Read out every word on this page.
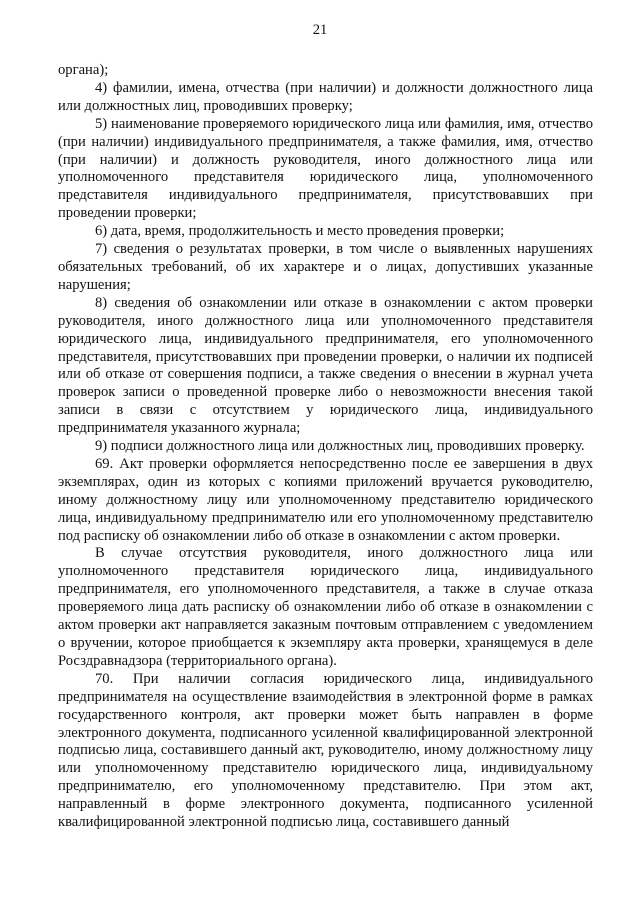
21

органа);

4) фамилии, имена, отчества (при наличии) и должности должностного лица или должностных лиц, проводивших проверку;

5) наименование проверяемого юридического лица или фамилия, имя, отчество (при наличии) индивидуального предпринимателя, а также фамилия, имя, отчество (при наличии) и должность руководителя, иного должностного лица или уполномоченного представителя юридического лица, уполномоченного представителя индивидуального предпринимателя, присутствовавших при проведении проверки;

6) дата, время, продолжительность и место проведения проверки;

7) сведения о результатах проверки, в том числе о выявленных нарушениях обязательных требований, об их характере и о лицах, допустивших указанные нарушения;

8) сведения об ознакомлении или отказе в ознакомлении с актом проверки руководителя, иного должностного лица или уполномоченного представителя юридического лица, индивидуального предпринимателя, его уполномоченного представителя, присутствовавших при проведении проверки, о наличии их подписей или об отказе от совершения подписи, а также сведения о внесении в журнал учета проверок записи о проведенной проверке либо о невозможности внесения такой записи в связи с отсутствием у юридического лица, индивидуального предпринимателя указанного журнала;

9) подписи должностного лица или должностных лиц, проводивших проверку.

69. Акт проверки оформляется непосредственно после ее завершения в двух экземплярах, один из которых с копиями приложений вручается руководителю, иному должностному лицу или уполномоченному представителю юридического лица, индивидуальному предпринимателю или его уполномоченному представителю под расписку об ознакомлении либо об отказе в ознакомлении с актом проверки.

В случае отсутствия руководителя, иного должностного лица или уполномоченного представителя юридического лица, индивидуального предпринимателя, его уполномоченного представителя, а также в случае отказа проверяемого лица дать расписку об ознакомлении либо об отказе в ознакомлении с актом проверки акт направляется заказным почтовым отправлением с уведомлением о вручении, которое приобщается к экземпляру акта проверки, хранящемуся в деле Росздравнадзора (территориального органа).

70. При наличии согласия юридического лица, индивидуального предпринимателя на осуществление взаимодействия в электронной форме в рамках государственного контроля, акт проверки может быть направлен в форме электронного документа, подписанного усиленной квалифицированной электронной подписью лица, составившего данный акт, руководителю, иному должностному лицу или уполномоченному представителю юридического лица, индивидуальному предпринимателю, его уполномоченному представителю. При этом акт, направленный в форме электронного документа, подписанного усиленной квалифицированной электронной подписью лица, составившего данный
